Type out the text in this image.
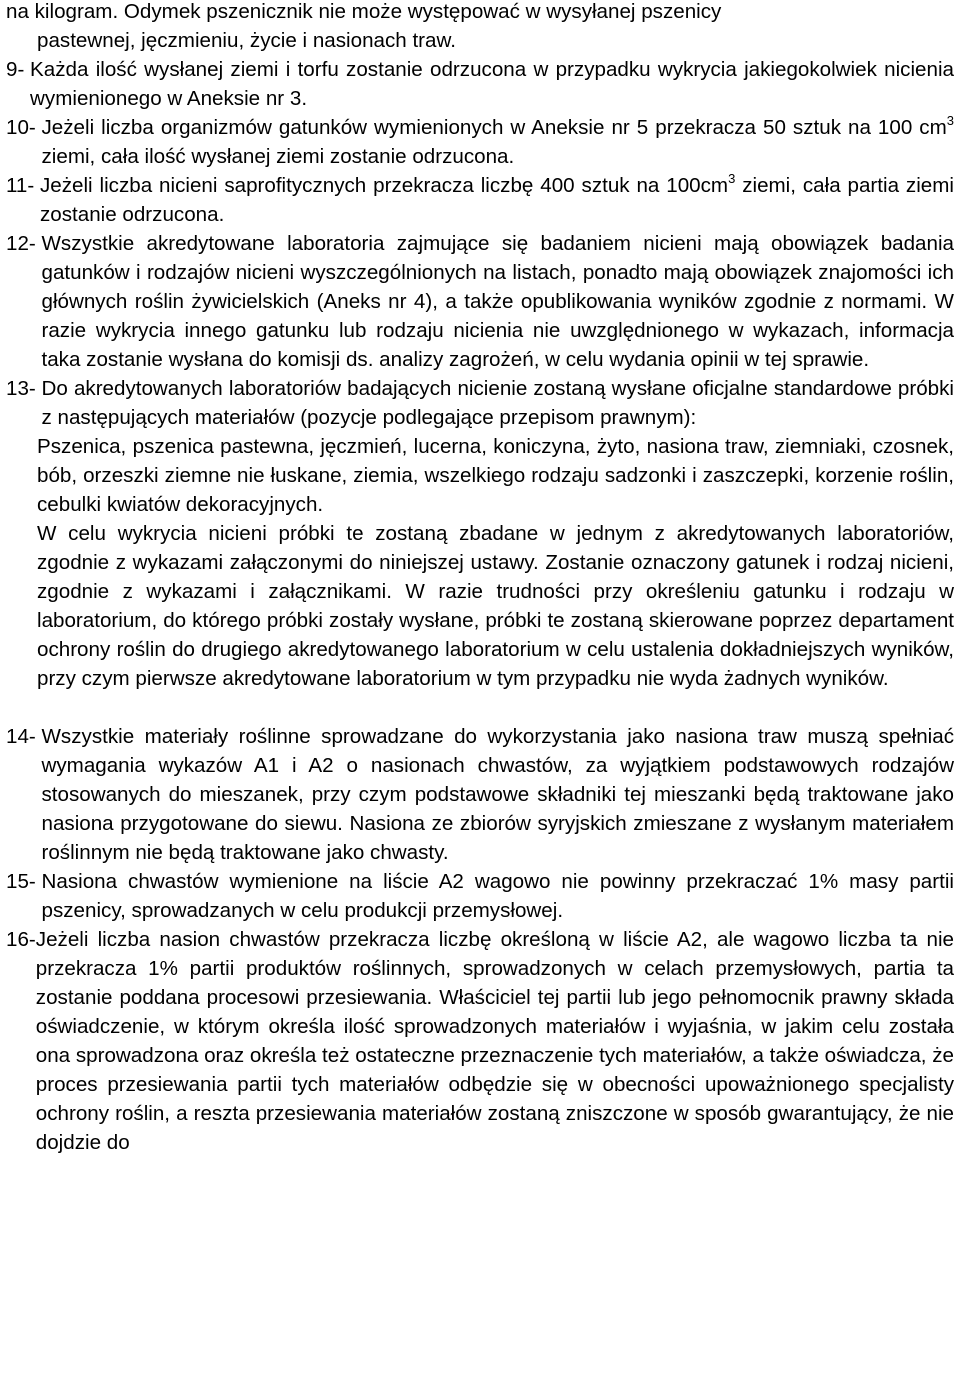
na kilogram. Odymek pszenicznik nie może występować w wysyłanej pszenicy
pastewnej, jęczmieniu, życie i nasionach traw.
9- Każda ilość wysłanej ziemi i torfu zostanie odrzucona w przypadku wykrycia jakiegokolwiek nicienia wymienionego w Aneksie nr 3.
10- Jeżeli liczba organizmów gatunków wymienionych w Aneksie nr 5 przekracza 50 sztuk na 100 $cm^3$ ziemi, cała ilość wysłanej ziemi zostanie odrzucona.
11- Jeżeli liczba nicieni saprofitycznych przekracza liczbę 400 sztuk na $100cm^3$ ziemi, cała partia ziemi zostanie odrzucona.
12- Wszystkie akredytowane laboratoria zajmujące się badaniem nicieni mają obowiązek badania gatunków i rodzajów nicieni wyszczególnionych na listach, ponadto mają obowiązek znajomości ich głównych roślin żywicielskich (Aneks nr 4), a także opublikowania wyników zgodnie z normami. W razie wykrycia innego gatunku lub rodzaju nicienia nie uwzględnionego w wykazach, informacja taka zostanie wysłana do komisji ds. analizy zagrożeń, w celu wydania opinii w tej sprawie.
13- Do akredytowanych laboratoriów badających nicienie zostaną wysłane oficjalne standardowe próbki z następujących materiałów (pozycje podlegające przepisom prawnym):
Pszenica, pszenica pastewna, jęczmień, lucerna, koniczyna, żyto, nasiona traw, ziemniaki, czosnek, bób, orzeszki ziemne nie łuskane, ziemia, wszelkiego rodzaju sadzonki i zaszczepki, korzenie roślin, cebulki kwiatów dekoracyjnych.
W celu wykrycia nicieni próbki te zostaną zbadane w jednym z akredytowanych laboratoriów, zgodnie z wykazami załączonymi do niniejszej ustawy. Zostanie oznaczony gatunek i rodzaj nicieni, zgodnie z wykazami i załącznikami. W razie trudności przy określeniu gatunku i rodzaju w laboratorium, do którego próbki zostały wysłane, próbki te zostaną skierowane poprzez departament ochrony roślin do drugiego akredytowanego laboratorium w celu ustalenia dokładniejszych wyników, przy czym pierwsze akredytowane laboratorium w tym przypadku nie wyda żadnych wyników.
14- Wszystkie materiały roślinne sprowadzane do wykorzystania jako nasiona traw muszą spełniać wymagania wykazów A1 i A2 o nasionach chwastów, za wyjątkiem podstawowych rodzajów stosowanych do mieszanek, przy czym podstawowe składniki tej mieszanki będą traktowane jako nasiona przygotowane do siewu. Nasiona ze zbiorów syryjskich zmieszane z wysłanym materiałem roślinnym nie będą traktowane jako chwasty.
15- Nasiona chwastów wymienione na liście A2 wagowo nie powinny przekraczać 1% masy partii pszenicy, sprowadzanych w celu produkcji przemysłowej.
16- Jeżeli liczba nasion chwastów przekracza liczbę określoną w liście A2, ale wagowo liczba ta nie przekracza 1% partii produktów roślinnych, sprowadzonych w celach przemysłowych, partia ta zostanie poddana procesowi przesiewania. Właściciel tej partii lub jego pełnomocnik prawny składa oświadczenie, w którym określa ilość sprowadzonych materiałów i wyjaśnia, w jakim celu została ona sprowadzona oraz określa też ostateczne przeznaczenie tych materiałów, a także oświadcza, że proces przesiewania partii tych materiałów odbędzie się w obecności upoważnionego specjalisty ochrony roślin, a reszta przesiewania materiałów zostaną zniszczone w sposób gwarantujący, że nie dojdzie do
